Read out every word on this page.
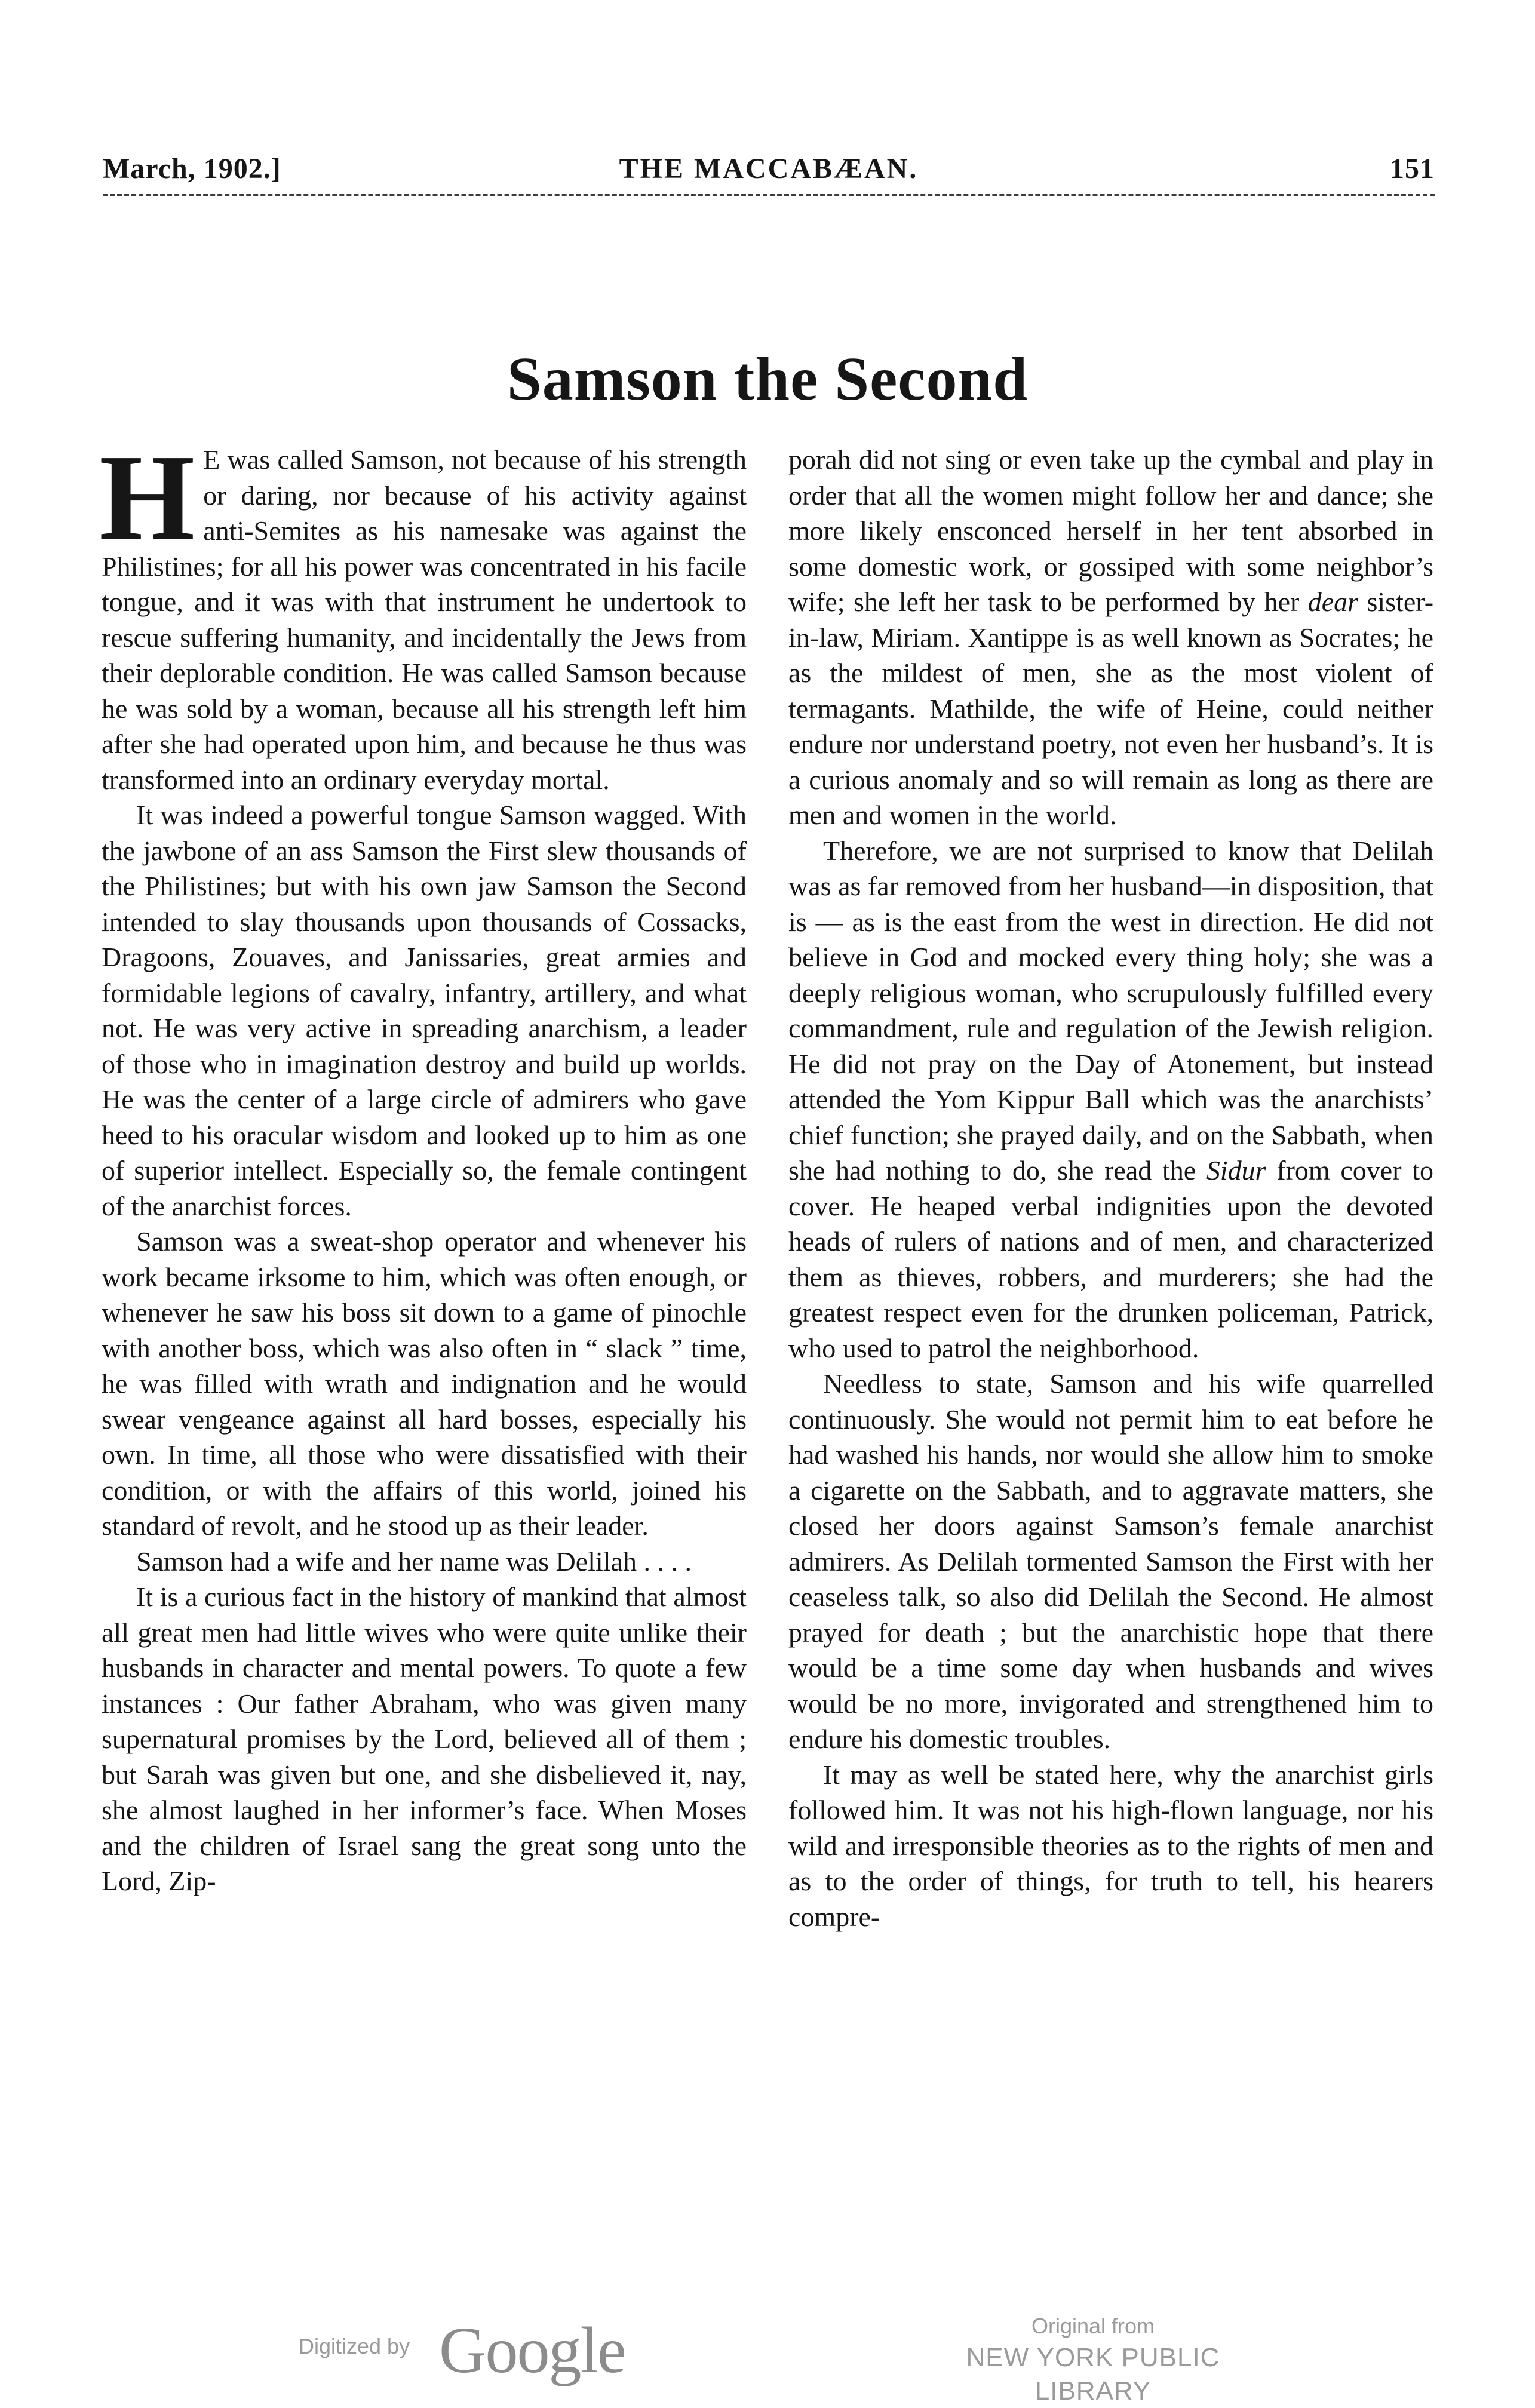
THE MACCABÆAN.
March, 1902.]	151
Samson the Second

H E was called Samson, not because of his strength or daring, nor because of his activity against anti-Semites as his namesake was against the Philistines; for all his power was concentrated in his facile tongue, and it was with that instrument he undertook to rescue suffering humanity, and incidentally the Jews from their deplorable condition. He was called Samson because he was sold by a woman, because all his strength left him after she had operated upon him, and because he thus was transformed into an ordinary everyday mortal.

It was indeed a powerful tongue Samson wagged. With the jawbone of an ass Samson the First slew thousands of the Philistines; but with his own jaw Samson the Second intended to slay thousands upon thousands of Cossacks, Dragoons, Zouaves, and Janissaries, great armies and formidable legions of cavalry, infantry, artillery, and what not. He was very active in spreading anarchism, a leader of those who in imagination destroy and build up worlds. He was the center of a large circle of admirers who gave heed to his oracular wisdom and looked up to him as one of superior intellect. Especially so, the female contingent of the anarchist forces.

Samson was a sweat-shop operator and whenever his work became irksome to him, which was often enough, or whenever he saw his boss sit down to a game of pinochle with another boss, which was also often in “ slack ” time, he was filled with wrath and indignation and he would swear vengeance against all hard bosses, especially his own. In time, all those who were dissatisfied with their condition, or with the affairs of this world, joined his standard of revolt, and he stood up as their leader.

Samson had a wife and her name was Delilah . . . .

It is a curious fact in the history of mankind that almost all great men had little wives who were quite unlike their husbands in character and mental powers. To quote a few instances : Our father Abraham, who was given many supernatural promises by the Lord, believed all of them ; but Sarah was given but one, and she disbelieved it, nay, she almost laughed in her informer’s face. When Moses and the children of Israel sang the great song unto the Lord, Zip-

porah did not sing or even take up the cymbal and play in order that all the women might follow her and dance; she more likely ensconced herself in her tent absorbed in some domestic work, or gossiped with some neighbor’s wife; she left her task to be performed by her dear sister-in-law, Miriam. Xantippe is as well known as Socrates; he as the mildest of men, she as the most violent of termagants. Mathilde, the wife of Heine, could neither endure nor understand poetry, not even her husband’s. It is a curious anomaly and so will remain as long as there are men and women in the world.

Therefore, we are not surprised to know that Delilah was as far removed from her husband—in disposition, that is — as is the east from the west in direction. He did not believe in God and mocked every thing holy; she was a deeply religious woman, who scrupulously fulfilled every commandment, rule and regulation of the Jewish religion. He did not pray on the Day of Atonement, but instead attended the Yom Kippur Ball which was the anarchists’ chief function; she prayed daily, and on the Sabbath, when she had nothing to do, she read the Sidur from cover to cover. He heaped verbal indignities upon the devoted heads of rulers of nations and of men, and characterized them as thieves, robbers, and murderers; she had the greatest respect even for the drunken policeman, Patrick, who used to patrol the neighborhood.

Needless to state, Samson and his wife quarrelled continuously. She would not permit him to eat before he had washed his hands, nor would she allow him to smoke a cigarette on the Sabbath, and to aggravate matters, she closed her doors against Samson’s female anarchist admirers. As Delilah tormented Samson the First with her ceaseless talk, so also did Delilah the Second. He almost prayed for death ; but the anarchistic hope that there would be a time some day when husbands and wives would be no more, invigorated and strengthened him to endure his domestic troubles.

It may as well be stated here, why the anarchist girls followed him. It was not his high-flown language, nor his wild and irresponsible theories as to the rights of men and as to the order of things, for truth to tell, his hearers compre-

Digitized by Google	Original from
NEW YORK PUBLIC LIBRARY
